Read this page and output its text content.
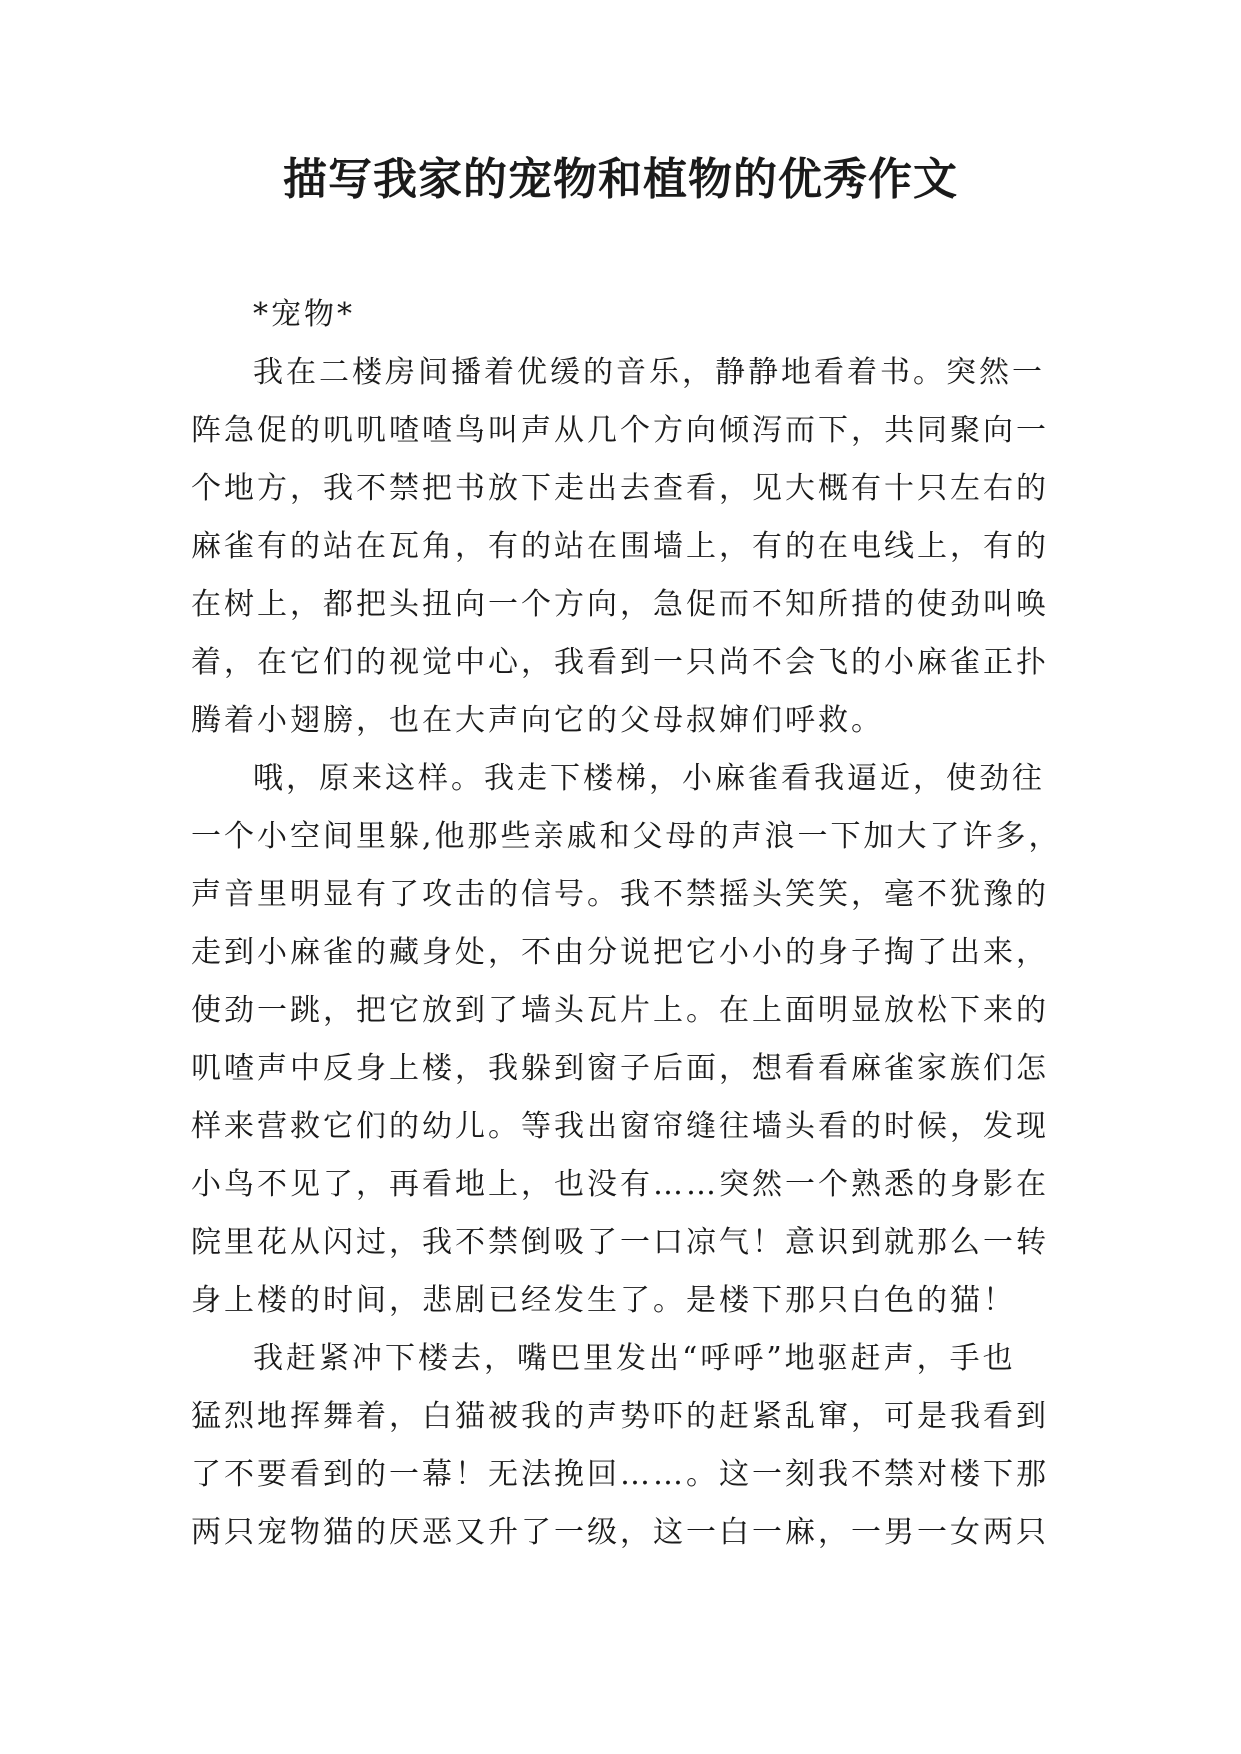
描写我家的宠物和植物的优秀作文
*宠物*
我在二楼房间播着优缓的音乐，静静地看着书。突然一
阵急促的叽叽喳喳鸟叫声从几个方向倾泻而下，共同聚向一
个地方，我不禁把书放下走出去查看，见大概有十只左右的
麻雀有的站在瓦角，有的站在围墙上，有的在电线上，有的
在树上，都把头扭向一个方向，急促而不知所措的使劲叫唤
着，在它们的视觉中心，我看到一只尚不会飞的小麻雀正扑
腾着小翅膀，也在大声向它的父母叔婶们呼救。
哦，原来这样。我走下楼梯，小麻雀看我逼近，使劲往
一个小空间里躲,他那些亲戚和父母的声浪一下加大了许多，
声音里明显有了攻击的信号。我不禁摇头笑笑，毫不犹豫的
走到小麻雀的藏身处，不由分说把它小小的身子掏了出来，
使劲一跳，把它放到了墙头瓦片上。在上面明显放松下来的
叽喳声中反身上楼，我躲到窗子后面，想看看麻雀家族们怎
样来营救它们的幼儿。等我出窗帘缝往墙头看的时候，发现
小鸟不见了，再看地上，也没有……突然一个熟悉的身影在
院里花从闪过，我不禁倒吸了一口凉气！意识到就那么一转
身上楼的时间，悲剧已经发生了。是楼下那只白色的猫！
我赶紧冲下楼去，嘴巴里发出“呼呼”地驱赶声，手也
猛烈地挥舞着，白猫被我的声势吓的赶紧乱窜，可是我看到
了不要看到的一幕！无法挽回……。这一刻我不禁对楼下那
两只宠物猫的厌恶又升了一级，这一白一麻，一男一女两只
